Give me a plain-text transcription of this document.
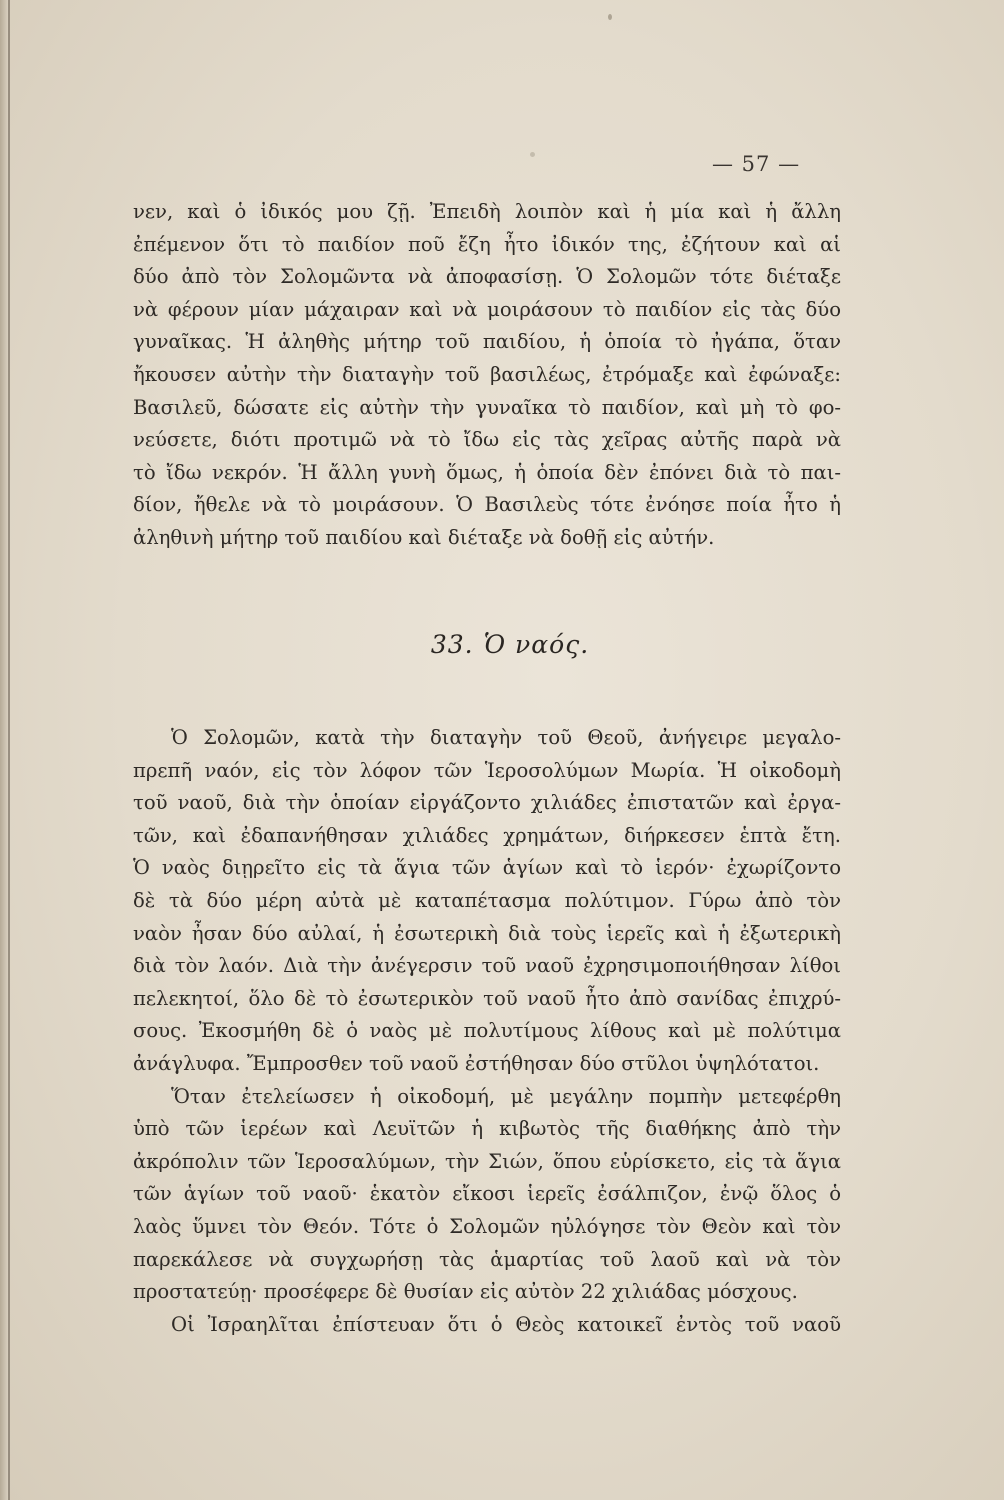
— 57 —
νεν, καὶ ὁ ἰδικός μου ζῇ. Ἐπειδὴ λοιπὸν καὶ ἡ μία καὶ ἡ ἄλλη
ἐπέμενον ὅτι τὸ παιδίον ποῦ ἔζη ἦτο ἰδικόν της, ἐζήτουν καὶ αἱ
δύο ἀπὸ τὸν Σολομῶντα νὰ ἀποφασίσῃ. Ὁ Σολομῶν τότε διέταξε
νὰ φέρουν μίαν μάχαιραν καὶ νὰ μοιράσουν τὸ παιδίον εἰς τὰς δύο
γυναῖκας. Ἡ ἀληθὴς μήτηρ τοῦ παιδίου, ἡ ὁποία τὸ ἠγάπα, ὅταν
ἤκουσεν αὐτὴν τὴν διαταγὴν τοῦ βασιλέως, ἐτρόμαξε καὶ ἐφώναξε:
Βασιλεῦ, δώσατε εἰς αὐτὴν τὴν γυναῖκα τὸ παιδίον, καὶ μὴ τὸ φο-
νεύσετε, διότι προτιμῶ νὰ τὸ ἴδω εἰς τὰς χεῖρας αὐτῆς παρὰ νὰ
τὸ ἴδω νεκρόν. Ἡ ἄλλη γυνὴ ὅμως, ἡ ὁποία δὲν ἐπόνει διὰ τὸ παι-
δίον, ἤθελε νὰ τὸ μοιράσουν. Ὁ Βασιλεὺς τότε ἐνόησε ποία ἦτο ἡ
ἀληθινὴ μήτηρ τοῦ παιδίου καὶ διέταξε νὰ δοθῇ εἰς αὐτήν.
33. Ὁ ναός.
Ὁ Σολομῶν, κατὰ τὴν διαταγὴν τοῦ Θεοῦ, ἀνήγειρε μεγαλο-
πρεπῆ ναόν, εἰς τὸν λόφον τῶν Ἱεροσολύμων Μωρία. Ἡ οἰκοδομὴ
τοῦ ναοῦ, διὰ τὴν ὁποίαν εἰργάζοντο χιλιάδες ἐπιστατῶν καὶ ἐργα-
τῶν, καὶ ἐδαπανήθησαν χιλιάδες χρημάτων, διήρκεσεν ἑπτὰ ἔτη.
Ὁ ναὸς διῃρεῖτο εἰς τὰ ἅγια τῶν ἁγίων καὶ τὸ ἱερόν· ἐχωρίζοντο
δὲ τὰ δύο μέρη αὐτὰ μὲ καταπέτασμα πολύτιμον. Γύρω ἀπὸ τὸν
ναὸν ἦσαν δύο αὐλαί, ἡ ἐσωτερικὴ διὰ τοὺς ἱερεῖς καὶ ἡ ἐξωτερικὴ
διὰ τὸν λαόν. Διὰ τὴν ἀνέγερσιν τοῦ ναοῦ ἐχρησιμοποιήθησαν λίθοι
πελεκητοί, ὅλο δὲ τὸ ἐσωτερικὸν τοῦ ναοῦ ἦτο ἀπὸ σανίδας ἐπιχρύ-
σους. Ἐκοσμήθη δὲ ὁ ναὸς μὲ πολυτίμους λίθους καὶ μὲ πολύτιμα
ἀνάγλυφα. Ἔμπροσθεν τοῦ ναοῦ ἐστήθησαν δύο στῦλοι ὑψηλότατοι.
Ὅταν ἐτελείωσεν ἡ οἰκοδομή, μὲ μεγάλην πομπὴν μετεφέρθη
ὑπὸ τῶν ἱερέων καὶ Λευϊτῶν ἡ κιβωτὸς τῆς διαθήκης ἀπὸ τὴν
ἀκρόπολιν τῶν Ἱεροσαλύμων, τὴν Σιών, ὅπου εὑρίσκετο, εἰς τὰ ἅγια
τῶν ἁγίων τοῦ ναοῦ· ἑκατὸν εἴκοσι ἱερεῖς ἐσάλπιζον, ἐνῷ ὅλος ὁ
λαὸς ὕμνει τὸν Θεόν. Τότε ὁ Σολομῶν ηὐλόγησε τὸν Θεὸν καὶ τὸν
παρεκάλεσε νὰ συγχωρήσῃ τὰς ἁμαρτίας τοῦ λαοῦ καὶ νὰ τὸν
προστατεύῃ· προσέφερε δὲ θυσίαν εἰς αὐτὸν 22 χιλιάδας μόσχους.
Οἱ Ἰσραηλῖται ἐπίστευαν ὅτι ὁ Θεὸς κατοικεῖ ἐντὸς τοῦ ναοῦ
